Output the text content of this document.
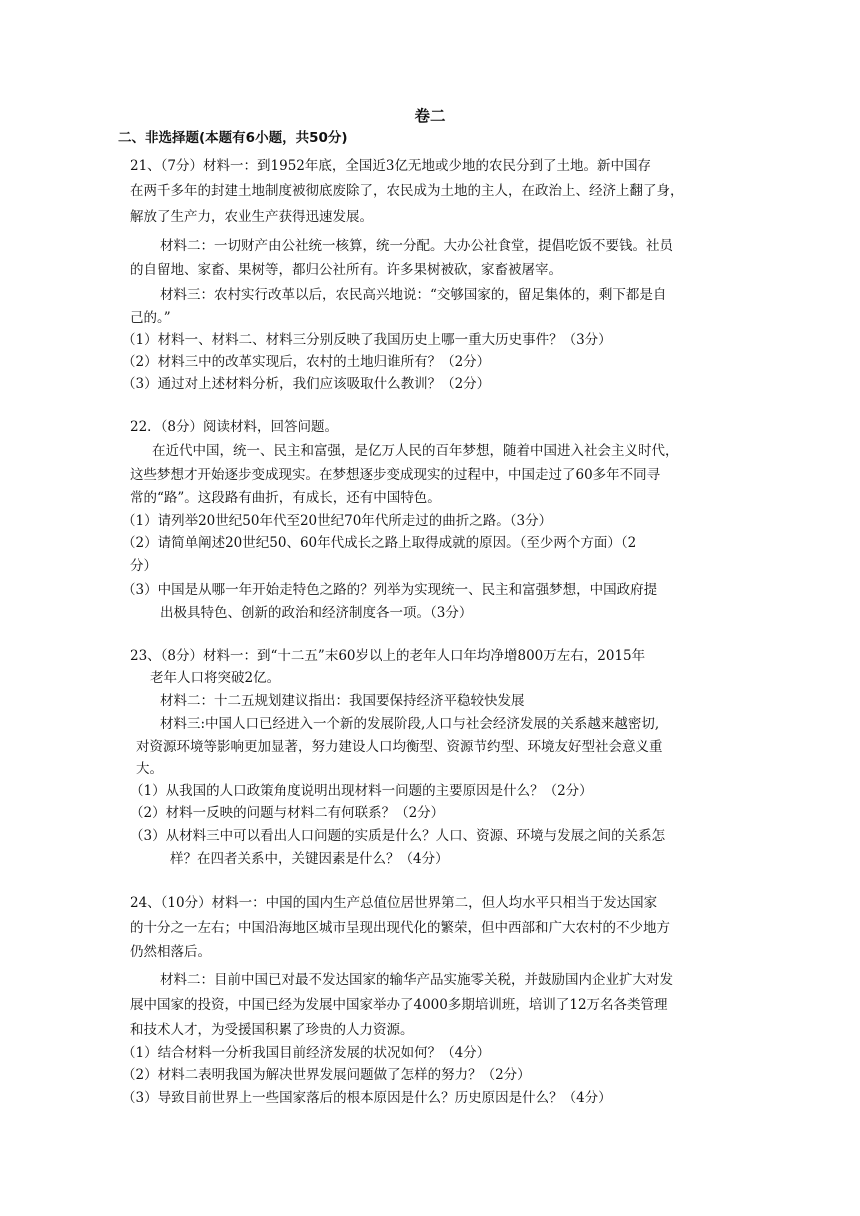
卷二
二、非选择题(本题有6小题，共50分)
21、（7分）材料一：到1952年底，全国近3亿无地或少地的农民分到了土地。新中国存
在两千多年的封建土地制度被彻底废除了，农民成为土地的主人，在政治上、经济上翻了身，
解放了生产力，农业生产获得迅速发展。
材料二：一切财产由公社统一核算，统一分配。大办公社食堂，提倡吃饭不要钱。社员
的自留地、家畜、果树等，都归公社所有。许多果树被砍，家畜被屠宰。
材料三：农村实行改革以后，农民高兴地说：“交够国家的，留足集体的，剩下都是自
己的。”
（1）材料一、材料二、材料三分别反映了我国历史上哪一重大历史事件？（3分）
（2）材料三中的改革实现后，农村的土地归谁所有？（2分）
（3）通过对上述材料分析，我们应该吸取什么教训？（2分）
22．（8分）阅读材料，回答问题。
在近代中国，统一、民主和富强，是亿万人民的百年梦想，随着中国进入社会主义时代，
这些梦想才开始逐步变成现实。在梦想逐步变成现实的过程中，中国走过了60多年不同寻
常的“路”。这段路有曲折，有成长，还有中国特色。
（1）请列举20世纪50年代至20世纪70年代所走过的曲折之路。（3分）
（2）请简单阐述20世纪50、60年代成长之路上取得成就的原因。（至少两个方面）（2
分）
（3）中国是从哪一年开始走特色之路的？列举为实现统一、民主和富强梦想，中国政府提
出极具特色、创新的政治和经济制度各一项。（3分）
23、（8分）材料一：到“十二五”末60岁以上的老年人口年均净增800万左右，2015年
老年人口将突破2亿。
材料二：十二五规划建议指出：我国要保持经济平稳较快发展
材料三:中国人口已经进入一个新的发展阶段,人口与社会经济发展的关系越来越密切,
对资源环境等影响更加显著，努力建设人口均衡型、资源节约型、环境友好型社会意义重
大。
（1）从我国的人口政策角度说明出现材料一问题的主要原因是什么？（2分）
（2）材料一反映的问题与材料二有何联系？（2分）
（3）从材料三中可以看出人口问题的实质是什么？人口、资源、环境与发展之间的关系怎
样？在四者关系中，关键因素是什么？（4分）
24、（10分）材料一：中国的国内生产总值位居世界第二，但人均水平只相当于发达国家
的十分之一左右；中国沿海地区城市呈现出现代化的繁荣，但中西部和广大农村的不少地方
仍然相落后。
材料二：目前中国已对最不发达国家的输华产品实施零关税，并鼓励国内企业扩大对发
展中国家的投资，中国已经为发展中国家举办了4000多期培训班，培训了12万名各类管理
和技术人才，为受援国积累了珍贵的人力资源。
（1）结合材料一分析我国目前经济发展的状况如何？（4分）
（2）材料二表明我国为解决世界发展问题做了怎样的努力？（2分）
（3）导致目前世界上一些国家落后的根本原因是什么？历史原因是什么？（4分）
